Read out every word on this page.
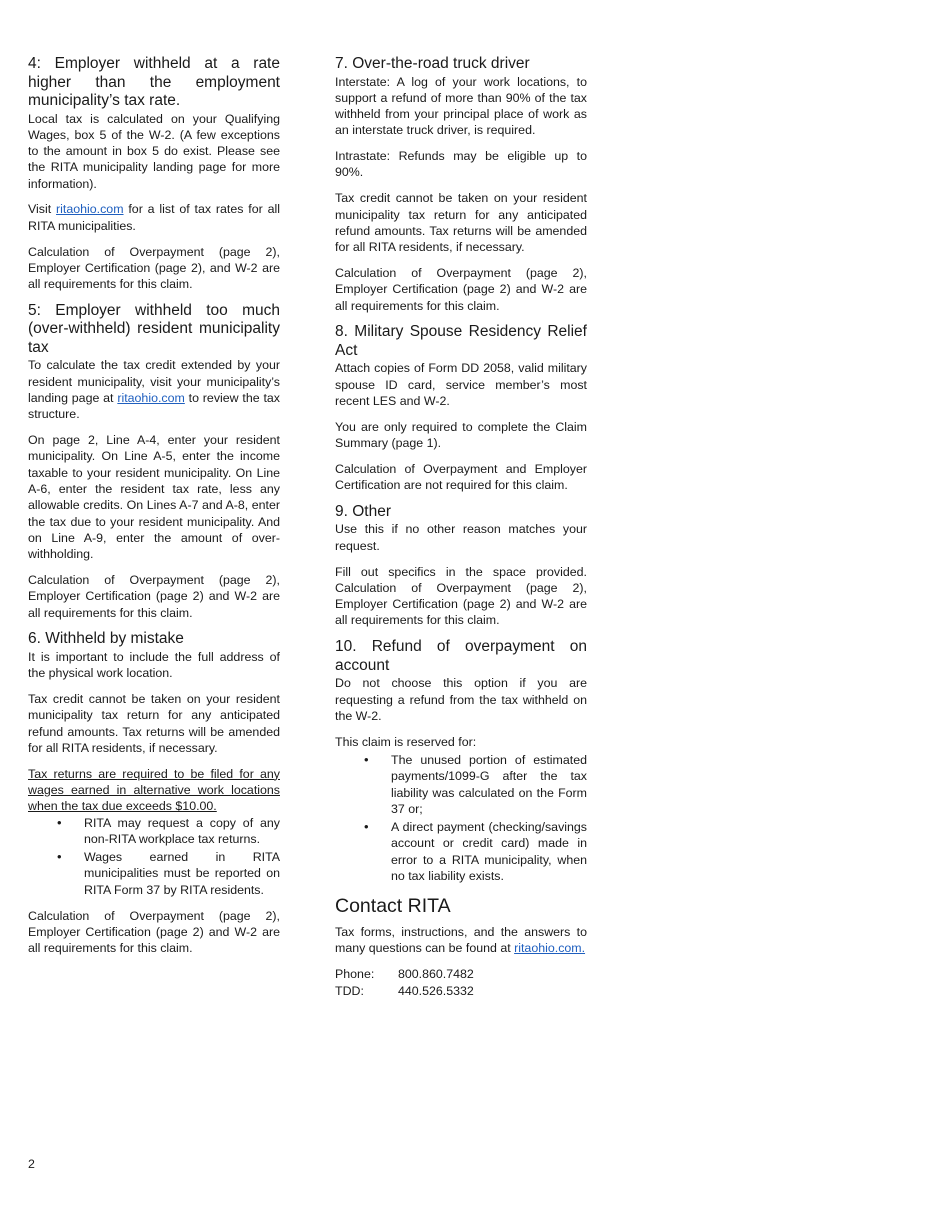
4: Employer withheld at a rate higher than the employment municipality’s tax rate.

Local tax is calculated on your Qualifying Wages, box 5 of the W-2. (A few exceptions to the amount in box 5 do exist. Please see the RITA municipality landing page for more information).

Visit ritaohio.com for a list of tax rates for all RITA municipalities.

Calculation of Overpayment (page 2), Employer Certification (page 2), and W-2 are all requirements for this claim.

5: Employer withheld too much (over-withheld) resident municipality tax

To calculate the tax credit extended by your resident municipality, visit your municipality’s landing page at ritaohio.com to review the tax structure.

On page 2, Line A-4, enter your resident municipality. On Line A-5, enter the income taxable to your resident municipality. On Line A-6, enter the resident tax rate, less any allowable credits. On Lines A-7 and A-8, enter the tax due to your resident municipality. And on Line A-9, enter the amount of over-withholding.

Calculation of Overpayment (page 2), Employer Certification (page 2) and W-2 are all requirements for this claim.

6. Withheld by mistake

It is important to include the full address of the physical work location.

Tax credit cannot be taken on your resident municipality tax return for any anticipated refund amounts. Tax returns will be amended for all RITA residents, if necessary.

Tax returns are required to be filed for any wages earned in alternative work locations when the tax due exceeds $10.00.

• RITA may request a copy of any non-RITA workplace tax returns.
• Wages earned in RITA municipalities must be reported on RITA Form 37 by RITA residents.

Calculation of Overpayment (page 2), Employer Certification (page 2) and W-2 are all requirements for this claim.

7. Over-the-road truck driver

Interstate: A log of your work locations, to support a refund of more than 90% of the tax withheld from your principal place of work as an interstate truck driver, is required.

Intrastate: Refunds may be eligible up to 90%.

Tax credit cannot be taken on your resident municipality tax return for any anticipated refund amounts. Tax returns will be amended for all RITA residents, if necessary.

Calculation of Overpayment (page 2), Employer Certification (page 2) and W-2 are all requirements for this claim.

8. Military Spouse Residency Relief Act

Attach copies of Form DD 2058, valid military spouse ID card, service member’s most recent LES and W-2.

You are only required to complete the Claim Summary (page 1).

Calculation of Overpayment and Employer Certification are not required for this claim.

9. Other

Use this if no other reason matches your request.

Fill out specifics in the space provided. Calculation of Overpayment (page 2), Employer Certification (page 2) and W-2 are all requirements for this claim.

10. Refund of overpayment on account

Do not choose this option if you are requesting a refund from the tax withheld on the W-2.

This claim is reserved for:

• The unused portion of estimated payments/1099-G after the tax liability was calculated on the Form 37 or;
• A direct payment (checking/savings account or credit card) made in error to a RITA municipality, when no tax liability exists.
Contact RITA

Tax forms, instructions, and the answers to many questions can be found at ritaohio.com.

Phone:	800.860.7482
TDD:	440.526.5332
2
